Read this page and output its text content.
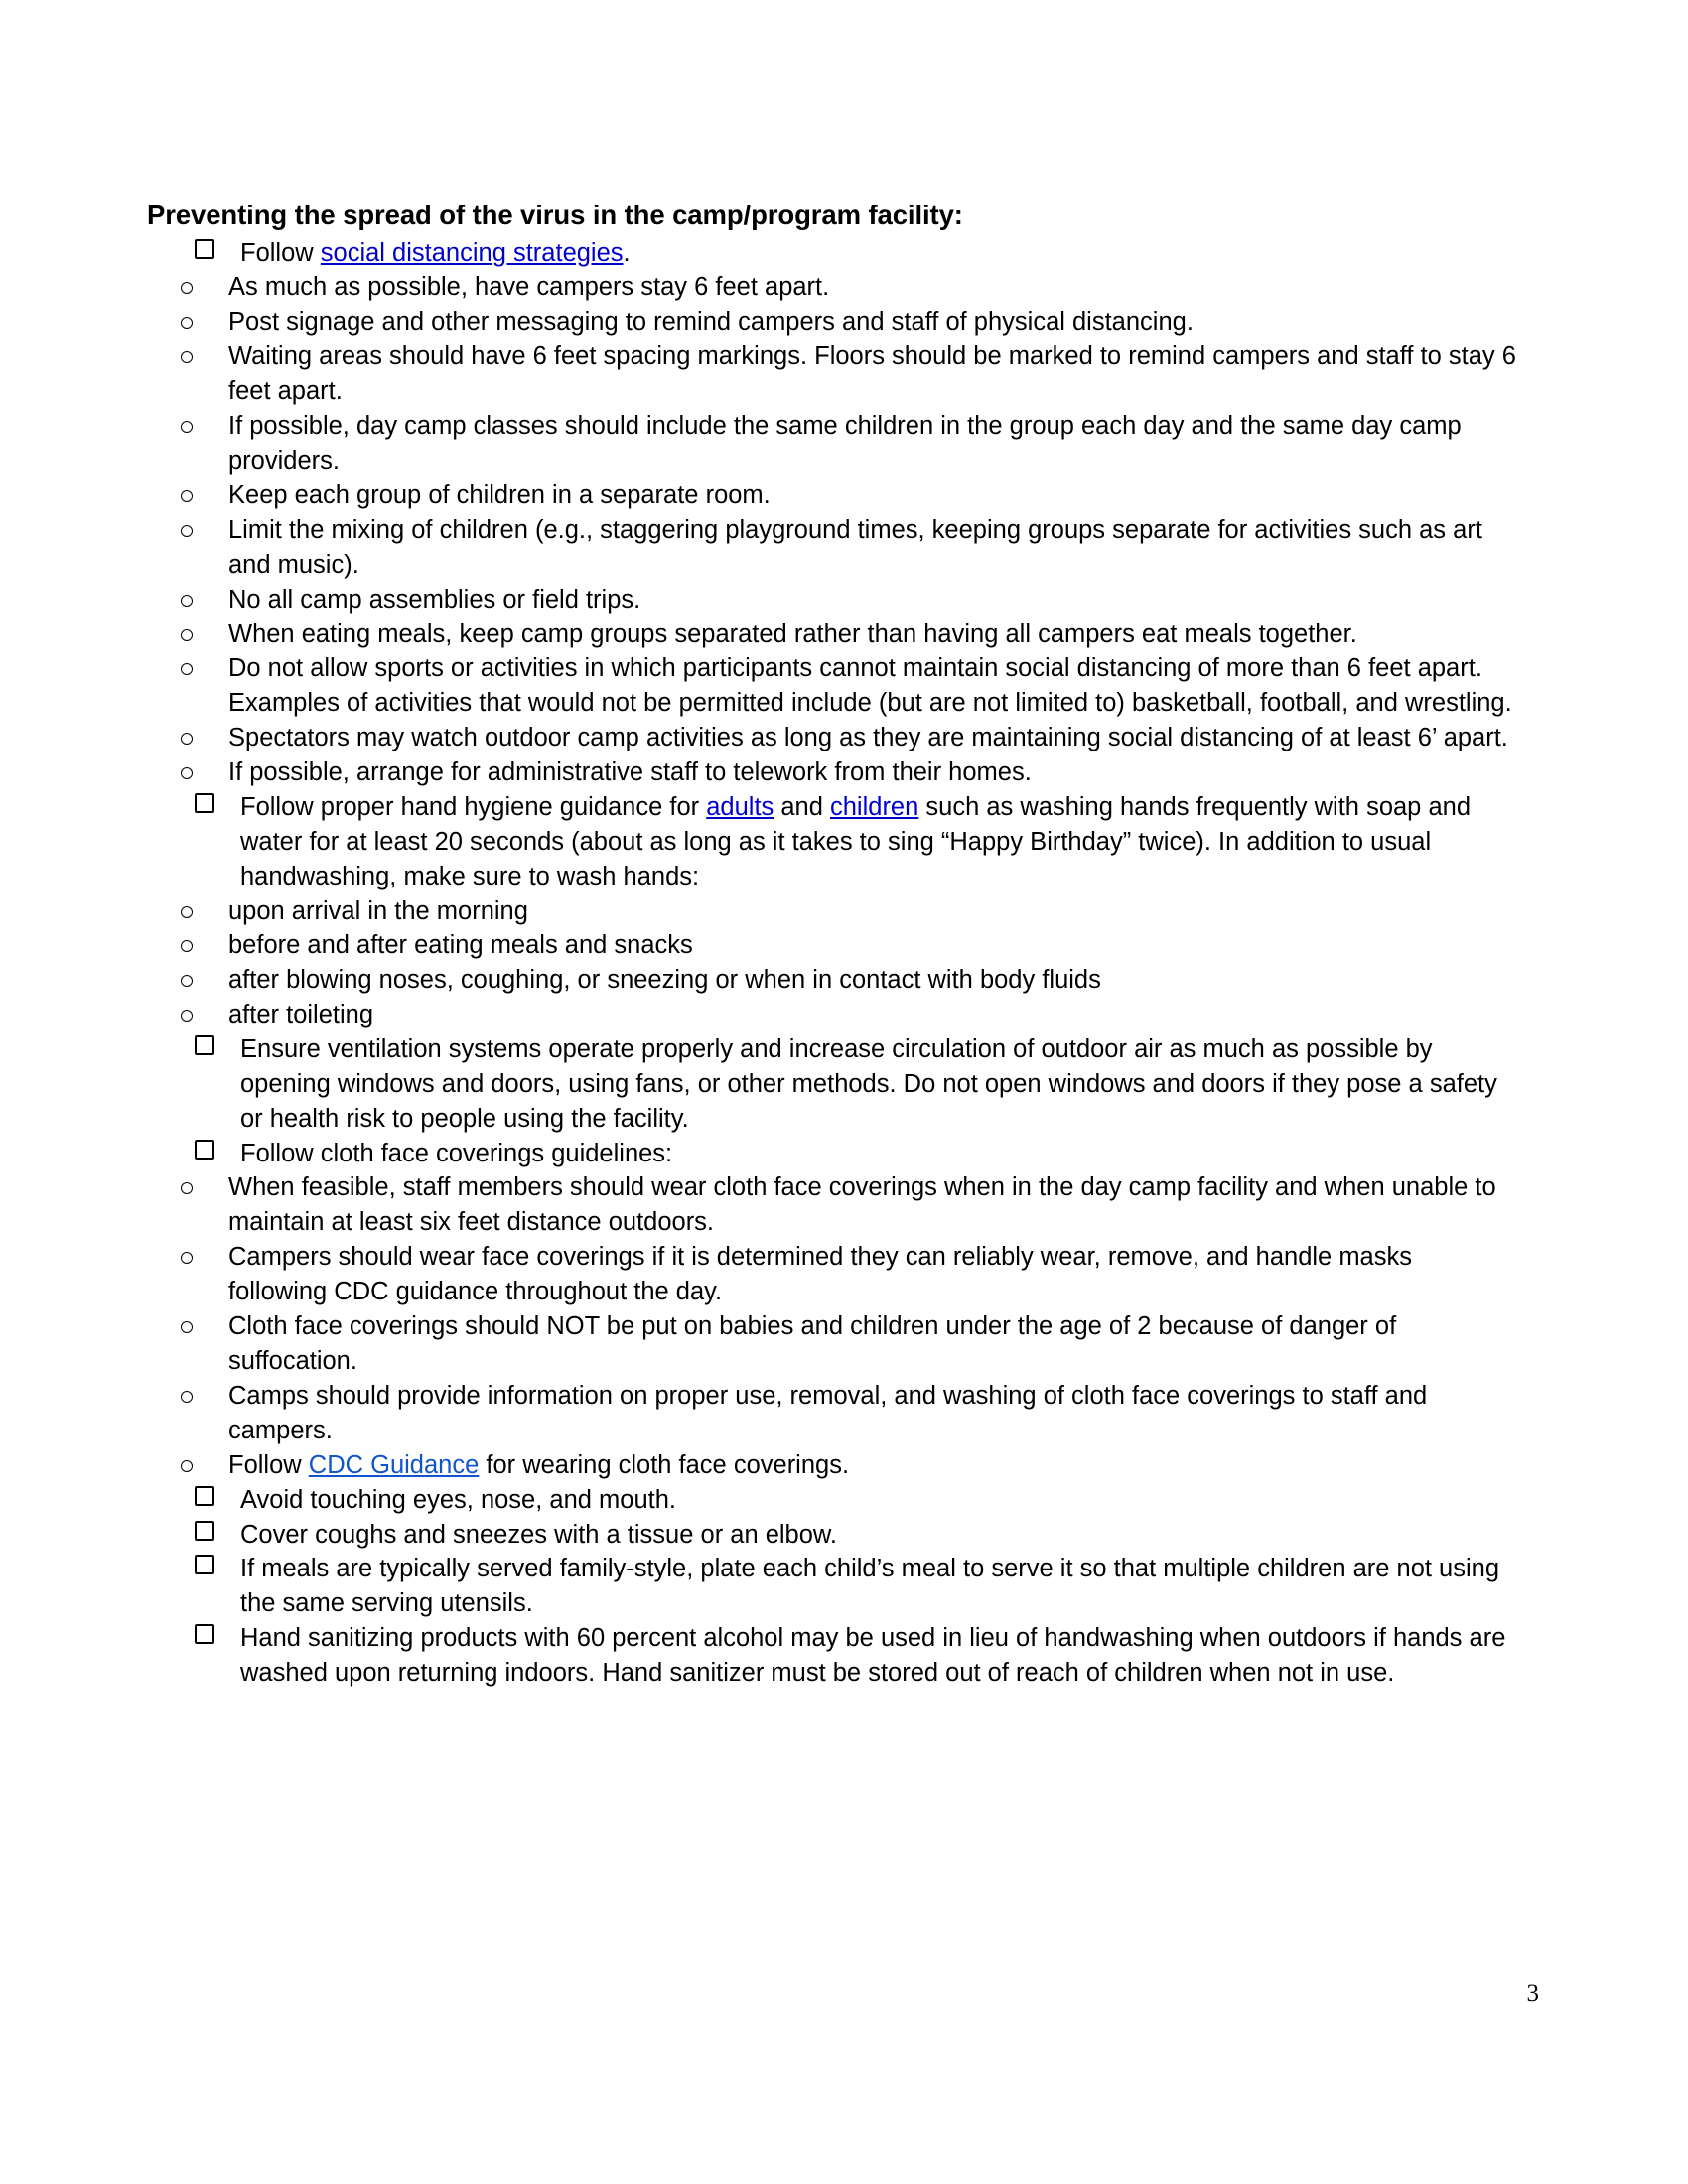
Preventing the spread of the virus in the camp/program facility:
Follow social distancing strategies.
As much as possible, have campers stay 6 feet apart.
Post signage and other messaging to remind campers and staff of physical distancing.
Waiting areas should have 6 feet spacing markings. Floors should be marked to remind campers and staff to stay 6 feet apart.
If possible, day camp classes should include the same children in the group each day and the same day camp providers.
Keep each group of children in a separate room.
Limit the mixing of children (e.g., staggering playground times, keeping groups separate for activities such as art and music).
No all camp assemblies or field trips.
When eating meals, keep camp groups separated rather than having all campers eat meals together.
Do not allow sports or activities in which participants cannot maintain social distancing of more than 6 feet apart. Examples of activities that would not be permitted include (but are not limited to) basketball, football, and wrestling.
Spectators may watch outdoor camp activities as long as they are maintaining social distancing of at least 6’ apart.
If possible, arrange for administrative staff to telework from their homes.
Follow proper hand hygiene guidance for adults and children such as washing hands frequently with soap and water for at least 20 seconds (about as long as it takes to sing “Happy Birthday” twice). In addition to usual handwashing, make sure to wash hands:
upon arrival in the morning
before and after eating meals and snacks
after blowing noses, coughing, or sneezing or when in contact with body fluids
after toileting
Ensure ventilation systems operate properly and increase circulation of outdoor air as much as possible by opening windows and doors, using fans, or other methods. Do not open windows and doors if they pose a safety or health risk to people using the facility.
Follow cloth face coverings guidelines:
When feasible, staff members should wear cloth face coverings when in the day camp facility and when unable to maintain at least six feet distance outdoors.
Campers should wear face coverings if it is determined they can reliably wear, remove, and handle masks following CDC guidance throughout the day.
Cloth face coverings should NOT be put on babies and children under the age of 2 because of danger of suffocation.
Camps should provide information on proper use, removal, and washing of cloth face coverings to staff and campers.
Follow CDC Guidance for wearing cloth face coverings.
Avoid touching eyes, nose, and mouth.
Cover coughs and sneezes with a tissue or an elbow.
If meals are typically served family-style, plate each child’s meal to serve it so that multiple children are not using the same serving utensils.
Hand sanitizing products with 60 percent alcohol may be used in lieu of handwashing when outdoors if hands are washed upon returning indoors. Hand sanitizer must be stored out of reach of children when not in use.
3
